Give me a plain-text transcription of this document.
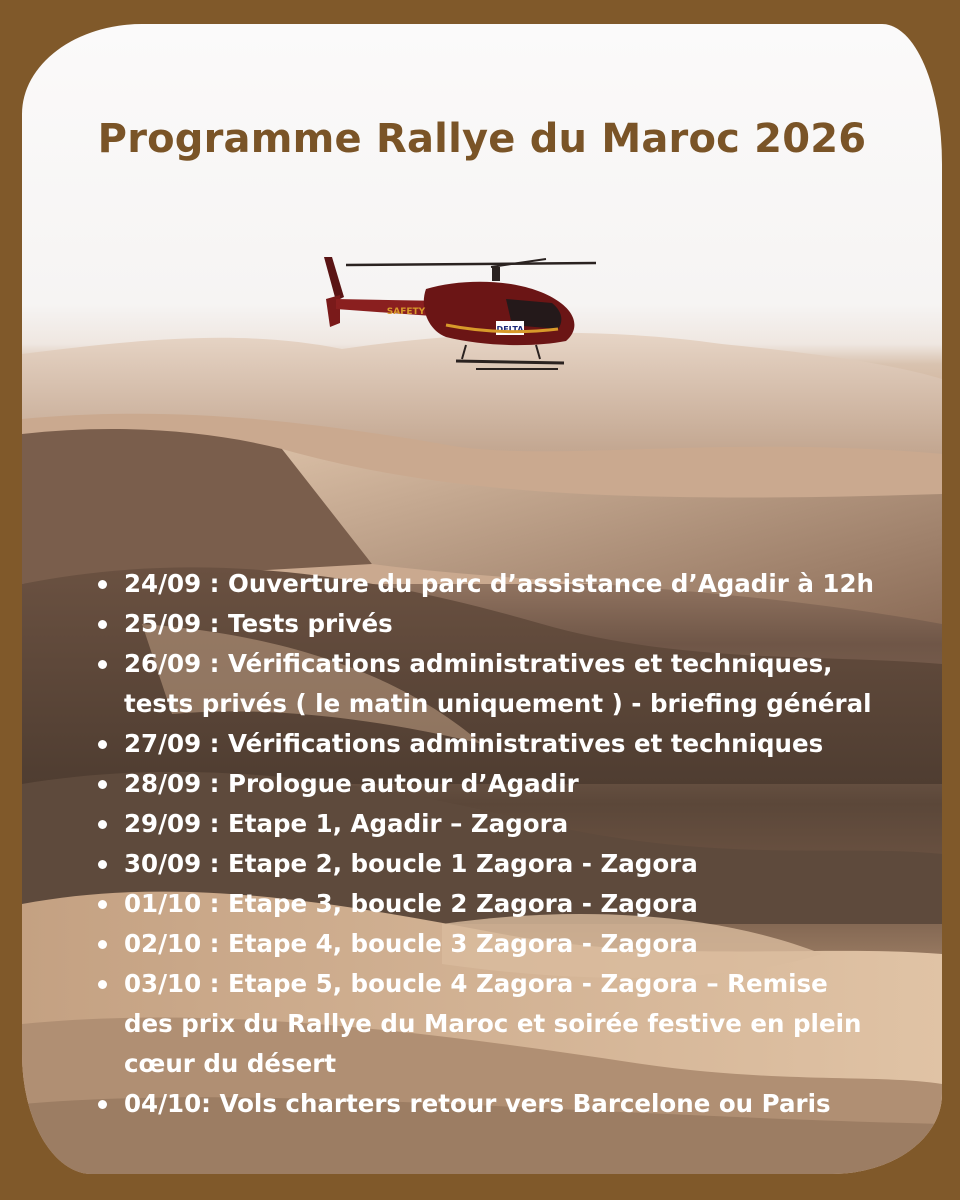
Programme Rallye du Maroc 2026
DELTA
SAFETY
24/09 : Ouverture du parc d’assistance d’Agadir à 12h
25/09 : Tests privés
26/09 : Vérifications administratives et techniques,
tests privés ( le matin uniquement ) - briefing général
27/09 : Vérifications administratives et techniques
28/09 : Prologue autour d’Agadir
29/09 : Etape 1, Agadir – Zagora
30/09 : Etape 2, boucle 1 Zagora - Zagora
01/10 : Etape 3, boucle 2 Zagora - Zagora
02/10 : Etape 4, boucle 3 Zagora - Zagora
03/10 : Etape 5, boucle 4 Zagora - Zagora – Remise
des prix du Rallye du Maroc et soirée festive en plein
cœur du désert
04/10: Vols charters retour vers Barcelone ou Paris
